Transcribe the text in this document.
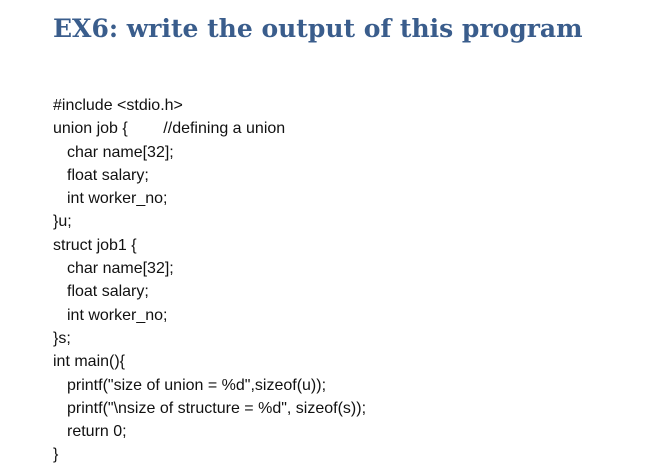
EX6: write the output of this program
#include <stdio.h>
union job {        //defining a union
char name[32];
float salary;
int worker_no;
}u;
struct job1 {
char name[32];
float salary;
int worker_no;
}s;
int main(){
printf("size of union = %d",sizeof(u));
printf("\nsize of structure = %d", sizeof(s));
return 0;
}
